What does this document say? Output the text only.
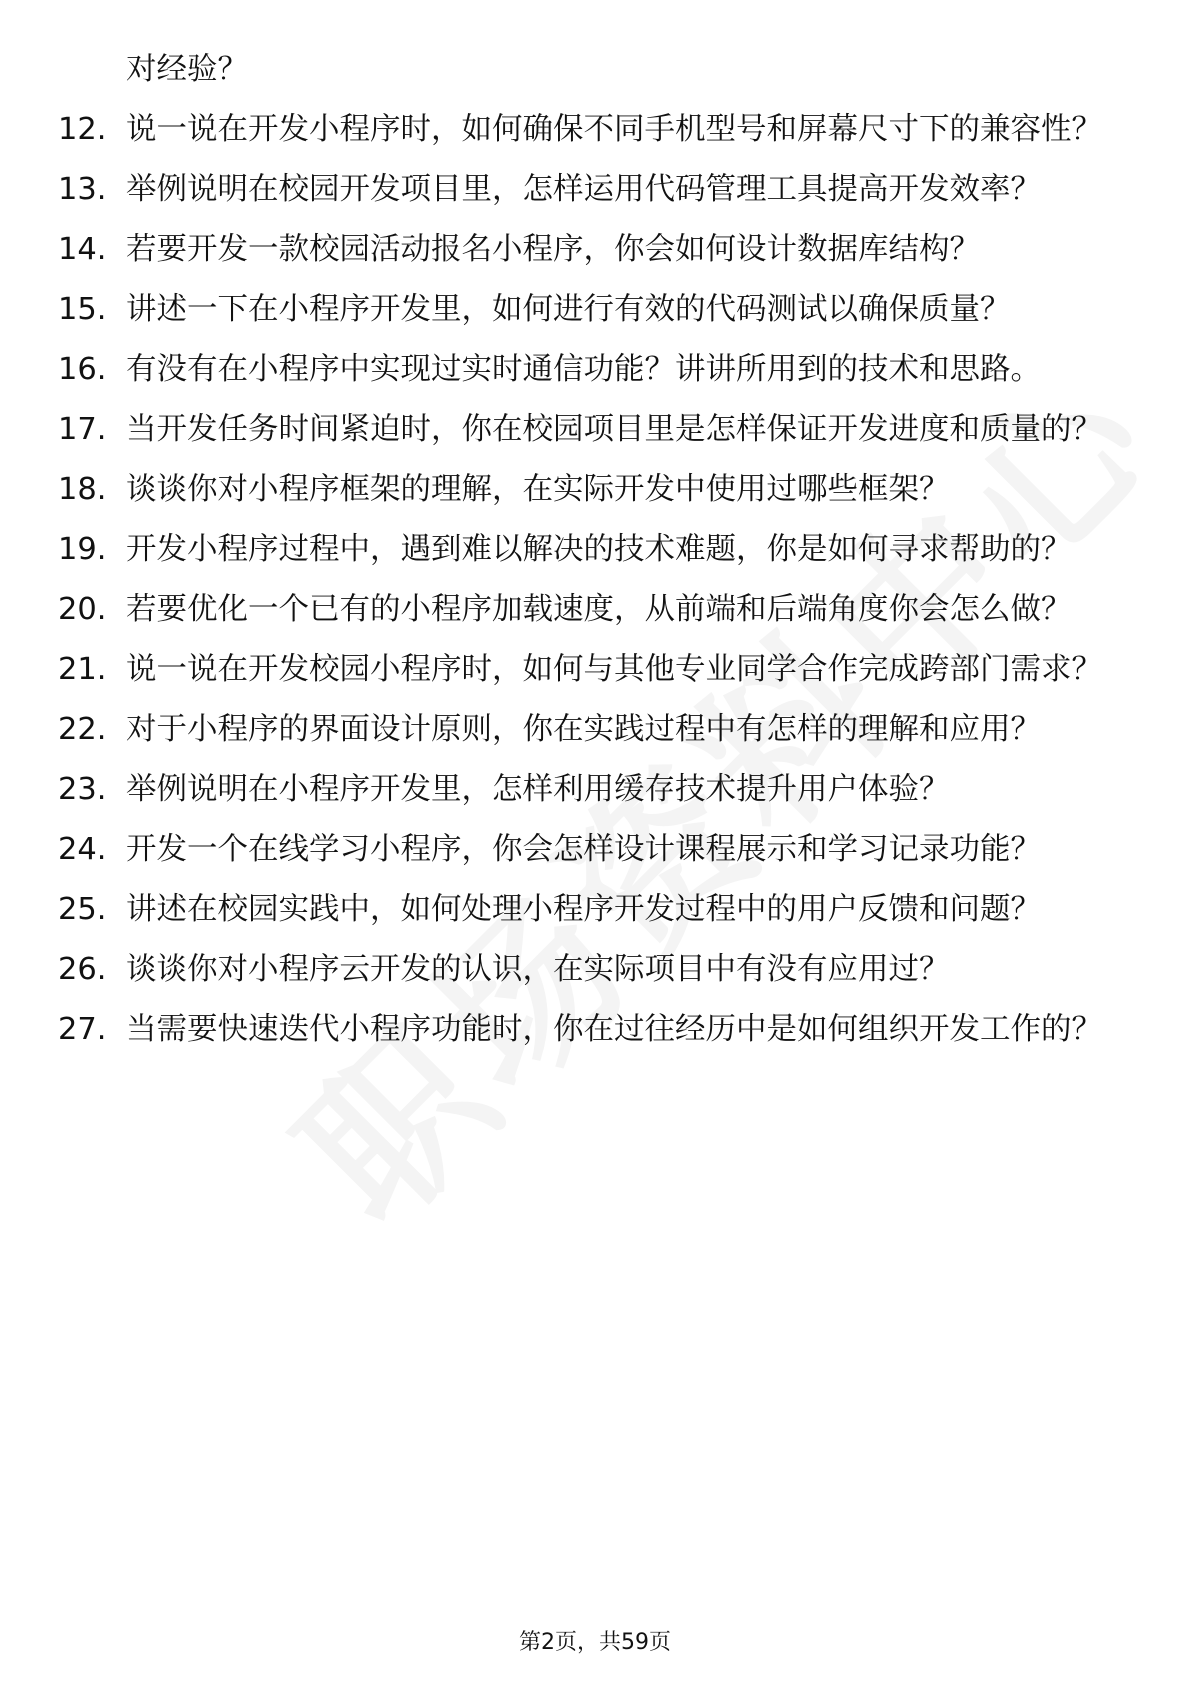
对经验？
12. 说一说在开发小程序时，如何确保不同手机型号和屏幕尺寸下的兼容性？
13. 举例说明在校园开发项目里，怎样运用代码管理工具提高开发效率？
14. 若要开发一款校园活动报名小程序，你会如何设计数据库结构？
15. 讲述一下在小程序开发里，如何进行有效的代码测试以确保质量？
16. 有没有在小程序中实现过实时通信功能？讲讲所用到的技术和思路。
17. 当开发任务时间紧迫时，你在校园项目里是怎样保证开发进度和质量的？
18. 谈谈你对小程序框架的理解，在实际开发中使用过哪些框架？
19. 开发小程序过程中，遇到难以解决的技术难题，你是如何寻求帮助的？
20. 若要优化一个已有的小程序加载速度，从前端和后端角度你会怎么做？
21. 说一说在开发校园小程序时，如何与其他专业同学合作完成跨部门需求？
22. 对于小程序的界面设计原则，你在实践过程中有怎样的理解和应用？
23. 举例说明在小程序开发里，怎样利用缓存技术提升用户体验？
24. 开发一个在线学习小程序，你会怎样设计课程展示和学习记录功能？
25. 讲述在校园实践中，如何处理小程序开发过程中的用户反馈和问题？
26. 谈谈你对小程序云开发的认识，在实际项目中有没有应用过？
27. 当需要快速迭代小程序功能时，你在过往经历中是如何组织开发工作的？
第2页，共59页
